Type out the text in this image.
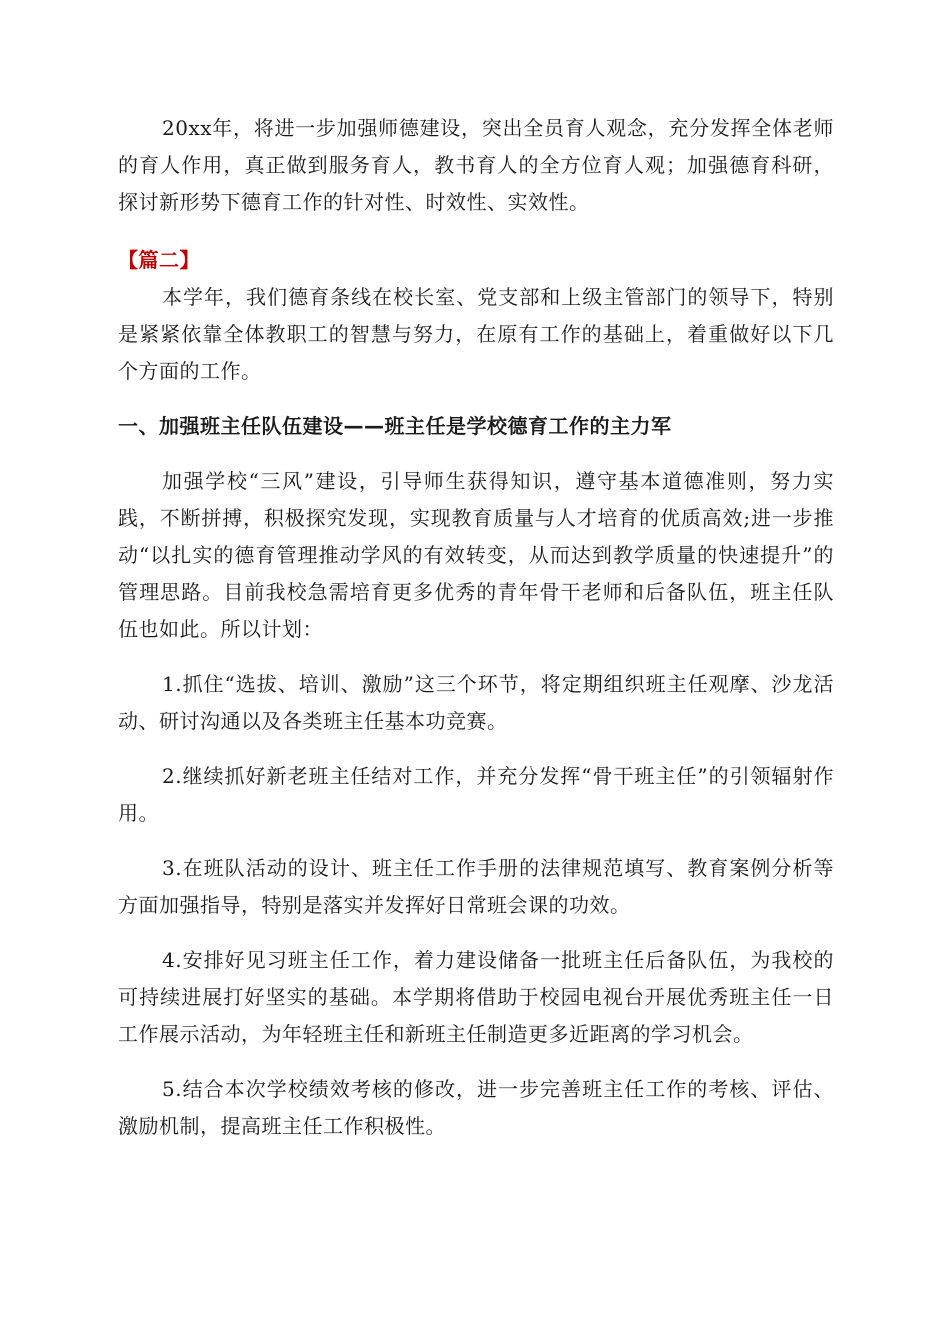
20xx年，将进一步加强师德建设，突出全员育人观念，充分发挥全体老师的育人作用，真正做到服务育人，教书育人的全方位育人观；加强德育科研，探讨新形势下德育工作的针对性、时效性、实效性。

【篇二】

本学年，我们德育条线在校长室、党支部和上级主管部门的领导下，特别是紧紧依靠全体教职工的智慧与努力，在原有工作的基础上，着重做好以下几个方面的工作。

一、加强班主任队伍建设——班主任是学校德育工作的主力军

加强学校“三风”建设，引导师生获得知识，遵守基本道德准则，努力实践，不断拼搏，积极探究发现，实现教育质量与人才培育的优质高效;进一步推动“以扎实的德育管理推动学风的有效转变，从而达到教学质量的快速提升”的管理思路。目前我校急需培育更多优秀的青年骨干老师和后备队伍，班主任队伍也如此。所以计划：

1.抓住“选拔、培训、激励”这三个环节，将定期组织班主任观摩、沙龙活动、研讨沟通以及各类班主任基本功竞赛。

2.继续抓好新老班主任结对工作，并充分发挥“骨干班主任”的引领辐射作用。

3.在班队活动的设计、班主任工作手册的法律规范填写、教育案例分析等方面加强指导，特别是落实并发挥好日常班会课的功效。

4.安排好见习班主任工作，着力建设储备一批班主任后备队伍，为我校的可持续进展打好坚实的基础。本学期将借助于校园电视台开展优秀班主任一日工作展示活动，为年轻班主任和新班主任制造更多近距离的学习机会。

5.结合本次学校绩效考核的修改，进一步完善班主任工作的考核、评估、激励机制，提高班主任工作积极性。
